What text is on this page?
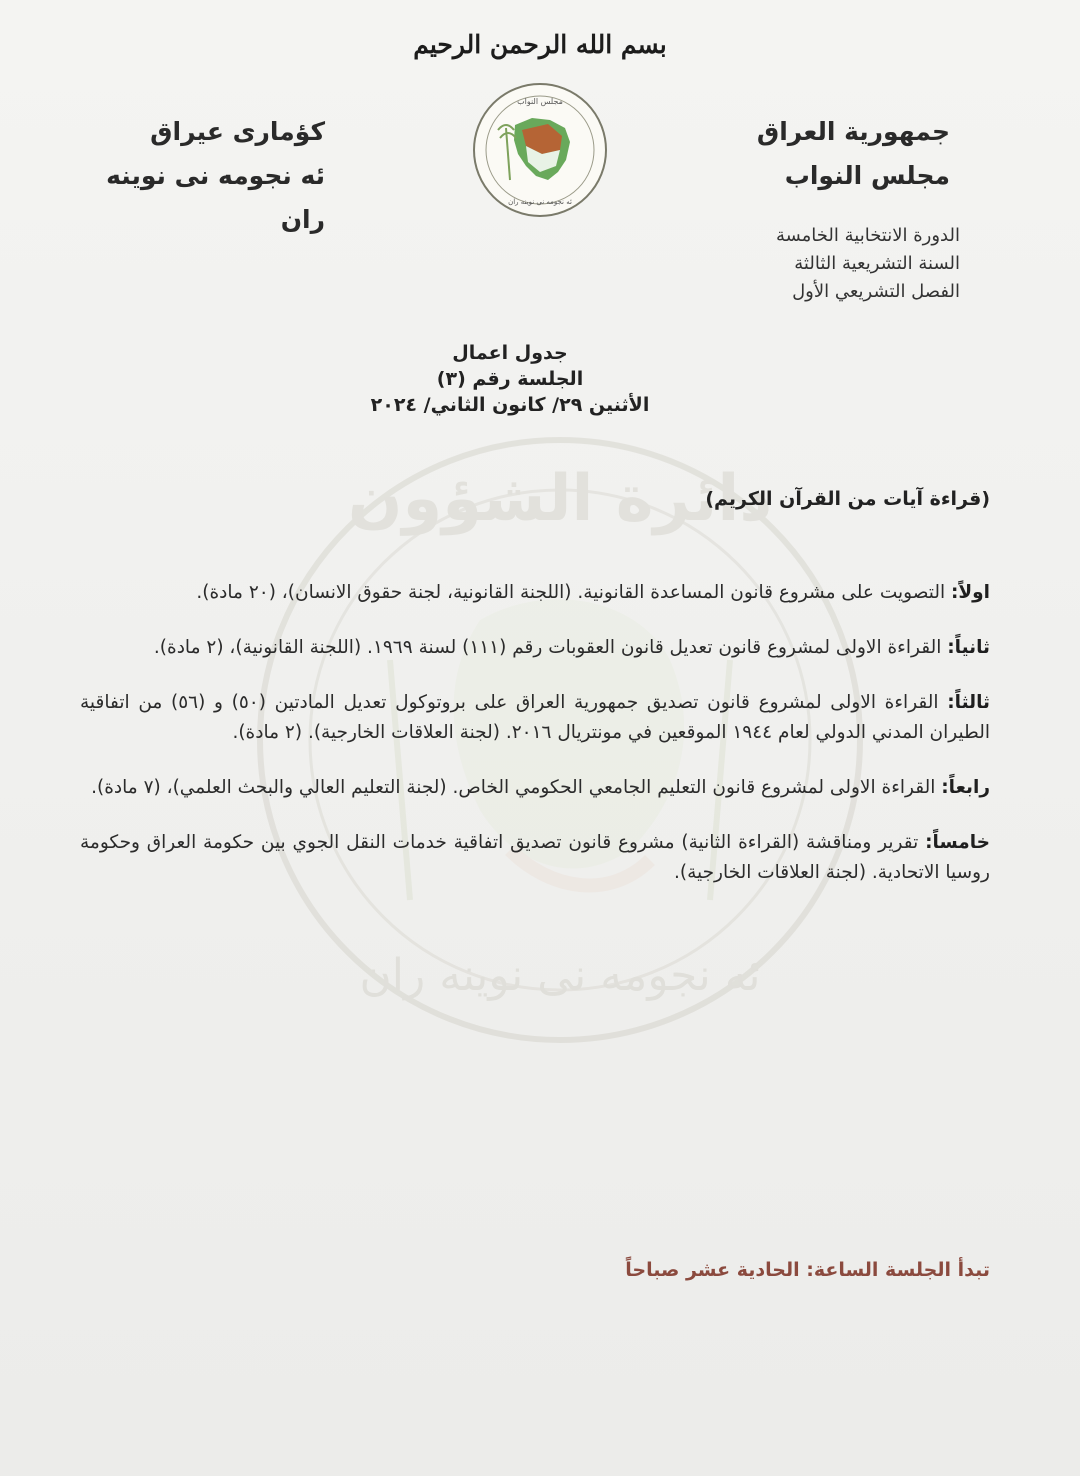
دائرة الشؤون
ئه نجومه نى نوينه ران
بسم الله الرحمن الرحيم
جمهورية العراق
مجلس النواب
كؤمارى عيراق
ئه نجومه نى نوينه ران
مجلس النواب
ئه نجومه نى نوينه ران
الدورة الانتخابية الخامسة
السنة التشريعية الثالثة
الفصل التشريعي الأول
جدول اعمال
الجلسة رقم (٣)
الأثنين ٢٩/ كانون الثاني/ ٢٠٢٤
(قراءة آيات من القرآن الكريم)
اولاً: التصويت على مشروع قانون المساعدة القانونية. (اللجنة القانونية، لجنة حقوق الانسان)، (٢٠ مادة).
ثانياً: القراءة الاولى لمشروع قانون تعديل قانون العقوبات رقم (١١١) لسنة ١٩٦٩. (اللجنة القانونية)، (٢ مادة).
ثالثاً: القراءة الاولى لمشروع قانون تصديق جمهورية العراق على بروتوكول تعديل المادتين (٥٠) و (٥٦) من اتفاقية الطيران المدني الدولي لعام ١٩٤٤ الموقعين في مونتريال ٢٠١٦. (لجنة العلاقات الخارجية). (٢ مادة).
رابعاً: القراءة الاولى لمشروع قانون التعليم الجامعي الحكومي الخاص. (لجنة التعليم العالي والبحث العلمي)، (٧ مادة).
خامساً: تقرير ومناقشة (القراءة الثانية) مشروع قانون تصديق اتفاقية خدمات النقل الجوي بين حكومة العراق وحكومة روسيا الاتحادية. (لجنة العلاقات الخارجية).
تبدأ الجلسة الساعة: الحادية عشر صباحاً
